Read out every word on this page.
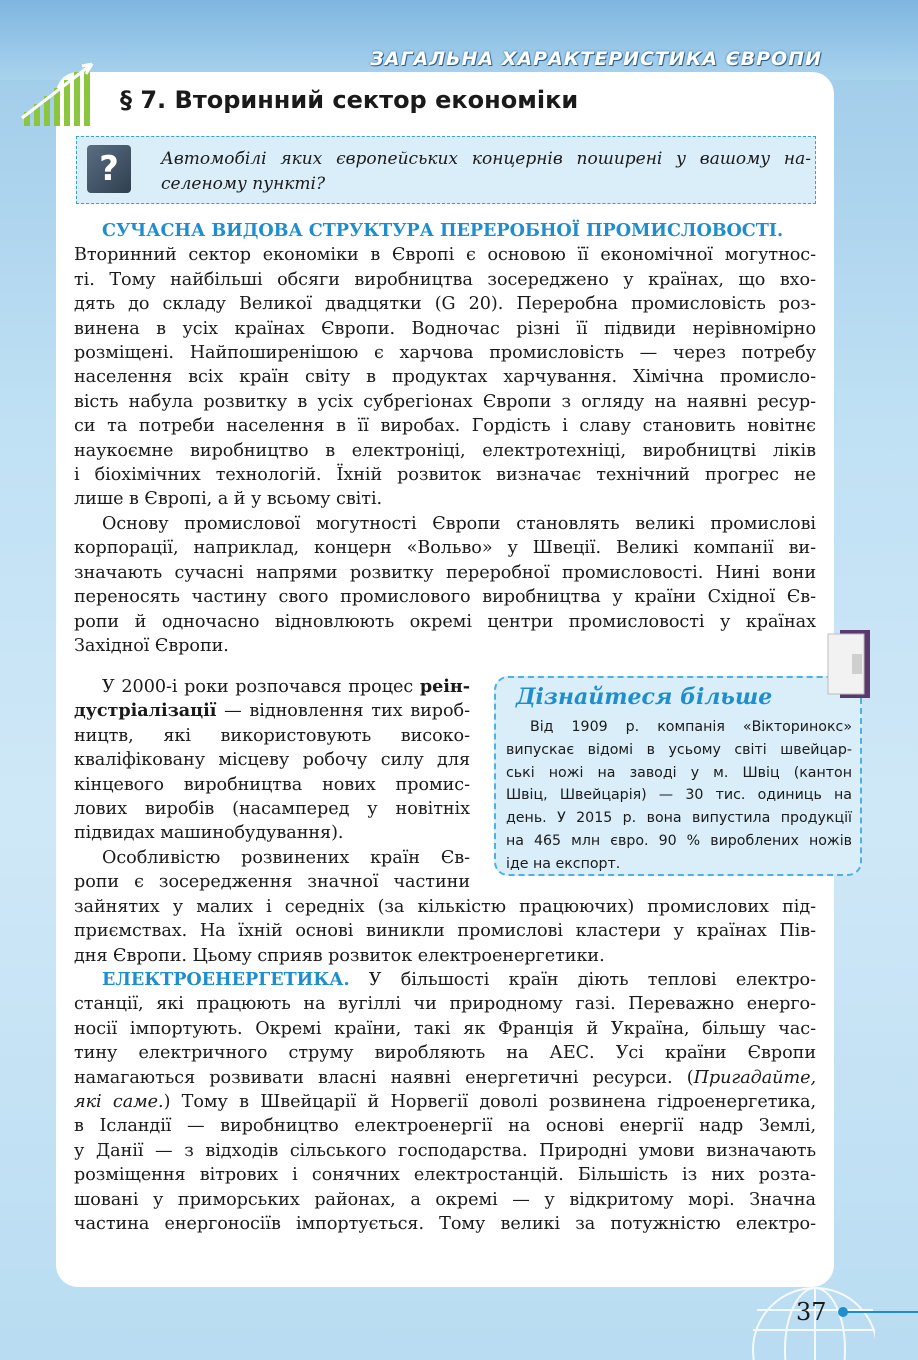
ЗАГАЛЬНА ХАРАКТЕРИСТИКА ЄВРОПИ
§ 7. Вторинний сектор економіки
?	Автомобілі яких європейських концернів поширені у вашому на-
селеному пункті?
СУЧАСНА ВИДОВА СТРУКТУРА ПЕРЕРОБНОЇ ПРОМИСЛОВОСТІ.
Вторинний сектор економіки в Європі є основою її економічної могутнос-
ті. Тому найбільші обсяги виробництва зосереджено у країнах, що вхо-
дять до складу Великої двадцятки (G 20). Переробна промисловість роз-
винена в усіх країнах Європи. Водночас різні її підвиди нерівномірно
розміщені. Найпоширенішою є харчова промисловість — через потребу
населення всіх країн світу в продуктах харчування. Хімічна промисло-
вість набула розвитку в усіх субрегіонах Європи з огляду на наявні ресур-
си та потреби населення в її виробах. Гордість і славу становить новітнє
наукоємне виробництво в електроніці, електротехніці, виробництві ліків
і біохімічних технологій. Їхній розвиток визначає технічний прогрес не
лише в Європі, а й у всьому світі.
Основу промислової могутності Європи становлять великі промислові
корпорації, наприклад, концерн «Вольво» у Швеції. Великі компанії ви-
значають сучасні напрями розвитку переробної промисловості. Нині вони
переносять частину свого промислового виробництва у країни Східної Єв-
ропи й одночасно відновлюють окремі центри промисловості у країнах
Західної Європи.
У 2000-і роки розпочався процес реін-
дустріалізації — відновлення тих вироб-
ництв, які використовують високо-
кваліфіковану місцеву робочу силу для
кінцевого виробництва нових промис-
лових виробів (насамперед у новітніх
підвидах машинобудування).
Особливістю розвинених країн Єв-
ропи є зосередження значної частини
зайнятих у малих і середніх (за кількістю працюючих) промислових під-
приємствах. На їхній основі виникли промислові кластери у країнах Пів-
дня Європи. Цьому сприяв розвиток електроенергетики.
ЕЛЕКТРОЕНЕРГЕТИКА. У більшості країн діють теплові електро-
станції, які працюють на вугіллі чи природному газі. Переважно енерго-
носії імпортують. Окремі країни, такі як Франція й Україна, більшу час-
тину електричного струму виробляють на АЕС. Усі країни Європи
намагаються розвивати власні наявні енергетичні ресурси. (Пригадайте,
які саме.) Тому в Швейцарії й Норвегії доволі розвинена гідроенергетика,
в Ісландії — виробництво електроенергії на основі енергії надр Землі,
у Данії — з відходів сільського господарства. Природні умови визначають
розміщення вітрових і сонячних електростанцій. Більшість із них розта-
шовані у приморських районах, а окремі — у відкритому морі. Значна
частина енергоносіїв імпортується. Тому великі за потужністю електро-
Дізнайтеся більше
Від 1909 р. компанія «Вікторинокс»
випускає відомі в усьому світі швейцар-
ські ножі на заводі у м. Швіц (кантон
Швіц, Швейцарія) — 30 тис. одиниць на
день. У 2015 р. вона випустила продукції
на 465 млн євро. 90 % вироблених ножів
іде на експорт.
37
